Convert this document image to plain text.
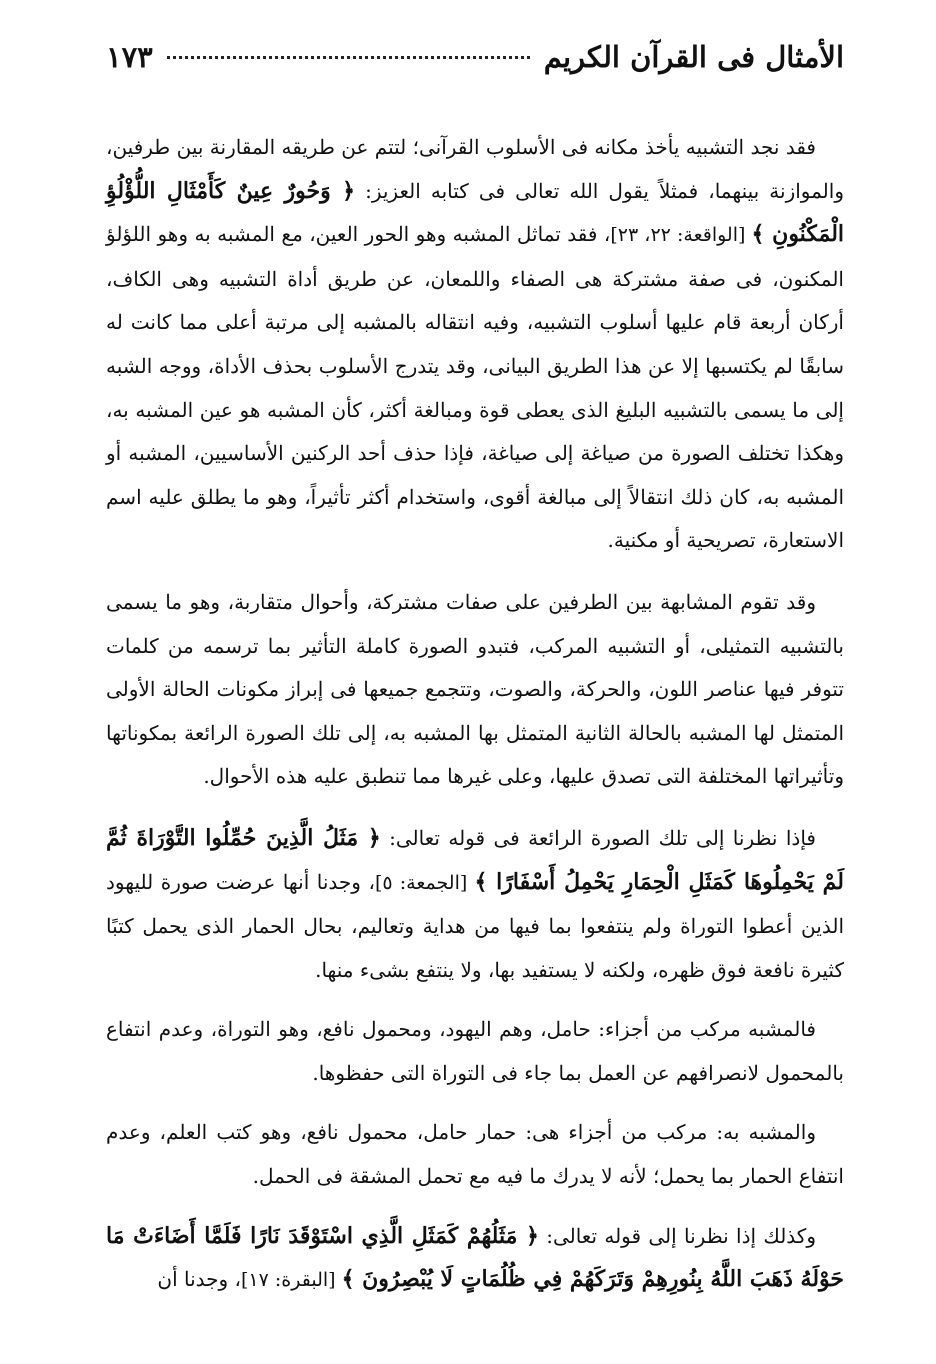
الأمثال فى القرآن الكريم
١٧٣

فقد نجد التشبيه يأخذ مكانه فى الأسلوب القرآنى؛ لتتم عن طريقه المقارنة بين طرفين، والموازنة بينهما، فمثلاً يقول الله تعالى فى كتابه العزيز: ﴿ وَحُورٌ عِينٌ كَأَمْثَالِ اللُّؤْلُؤِ الْمَكْنُونِ ﴾ [الواقعة: ٢٢، ٢٣]، فقد تماثل المشبه وهو الحور العين، مع المشبه به وهو اللؤلؤ المكنون، فى صفة مشتركة هى الصفاء واللمعان، عن طريق أداة التشبيه وهى الكاف، أركان أربعة قام عليها أسلوب التشبيه، وفيه انتقاله بالمشبه إلى مرتبة أعلى مما كانت له سابقًا لم يكتسبها إلا عن هذا الطريق البيانى، وقد يتدرج الأسلوب بحذف الأداة، ووجه الشبه إلى ما يسمى بالتشبيه البليغ الذى يعطى قوة ومبالغة أكثر، كأن المشبه هو عين المشبه به، وهكذا تختلف الصورة من صياغة إلى صياغة، فإذا حذف أحد الركنين الأساسيين، المشبه أو المشبه به، كان ذلك انتقالاً إلى مبالغة أقوى، واستخدام أكثر تأثيراً، وهو ما يطلق عليه اسم الاستعارة، تصريحية أو مكنية.

وقد تقوم المشابهة بين الطرفين على صفات مشتركة، وأحوال متقاربة، وهو ما يسمى بالتشبيه التمثيلى، أو التشبيه المركب، فتبدو الصورة كاملة التأثير بما ترسمه من كلمات تتوفر فيها عناصر اللون، والحركة، والصوت، وتتجمع جميعها فى إبراز مكونات الحالة الأولى المتمثل لها المشبه بالحالة الثانية المتمثل بها المشبه به، إلى تلك الصورة الرائعة بمكوناتها وتأثيراتها المختلفة التى تصدق عليها، وعلى غيرها مما تنطبق عليه هذه الأحوال.

فإذا نظرنا إلى تلك الصورة الرائعة فى قوله تعالى: ﴿ مَثَلُ الَّذِينَ حُمِّلُوا التَّوْرَاةَ ثُمَّ لَمْ يَحْمِلُوهَا كَمَثَلِ الْحِمَارِ يَحْمِلُ أَسْفَارًا ﴾ [الجمعة: ٥]، وجدنا أنها عرضت صورة لليهود الذين أعطوا التوراة ولم ينتفعوا بما فيها من هداية وتعاليم، بحال الحمار الذى يحمل كتبًا كثيرة نافعة فوق ظهره، ولكنه لا يستفيد بها، ولا ينتفع بشىء منها.

فالمشبه مركب من أجزاء: حامل، وهم اليهود، ومحمول نافع، وهو التوراة، وعدم انتفاع بالمحمول لانصرافهم عن العمل بما جاء فى التوراة التى حفظوها.

والمشبه به: مركب من أجزاء هى: حمار حامل، محمول نافع، وهو كتب العلم، وعدم انتفاع الحمار بما يحمل؛ لأنه لا يدرك ما فيه مع تحمل المشقة فى الحمل.

وكذلك إذا نظرنا إلى قوله تعالى: ﴿ مَثَلُهُمْ كَمَثَلِ الَّذِي اسْتَوْقَدَ نَارًا فَلَمَّا أَضَاءَتْ مَا حَوْلَهُ ذَهَبَ اللَّهُ بِنُورِهِمْ وَتَرَكَهُمْ فِي ظُلُمَاتٍ لَا يُبْصِرُونَ ﴾ [البقرة: ١٧]، وجدنا أن
